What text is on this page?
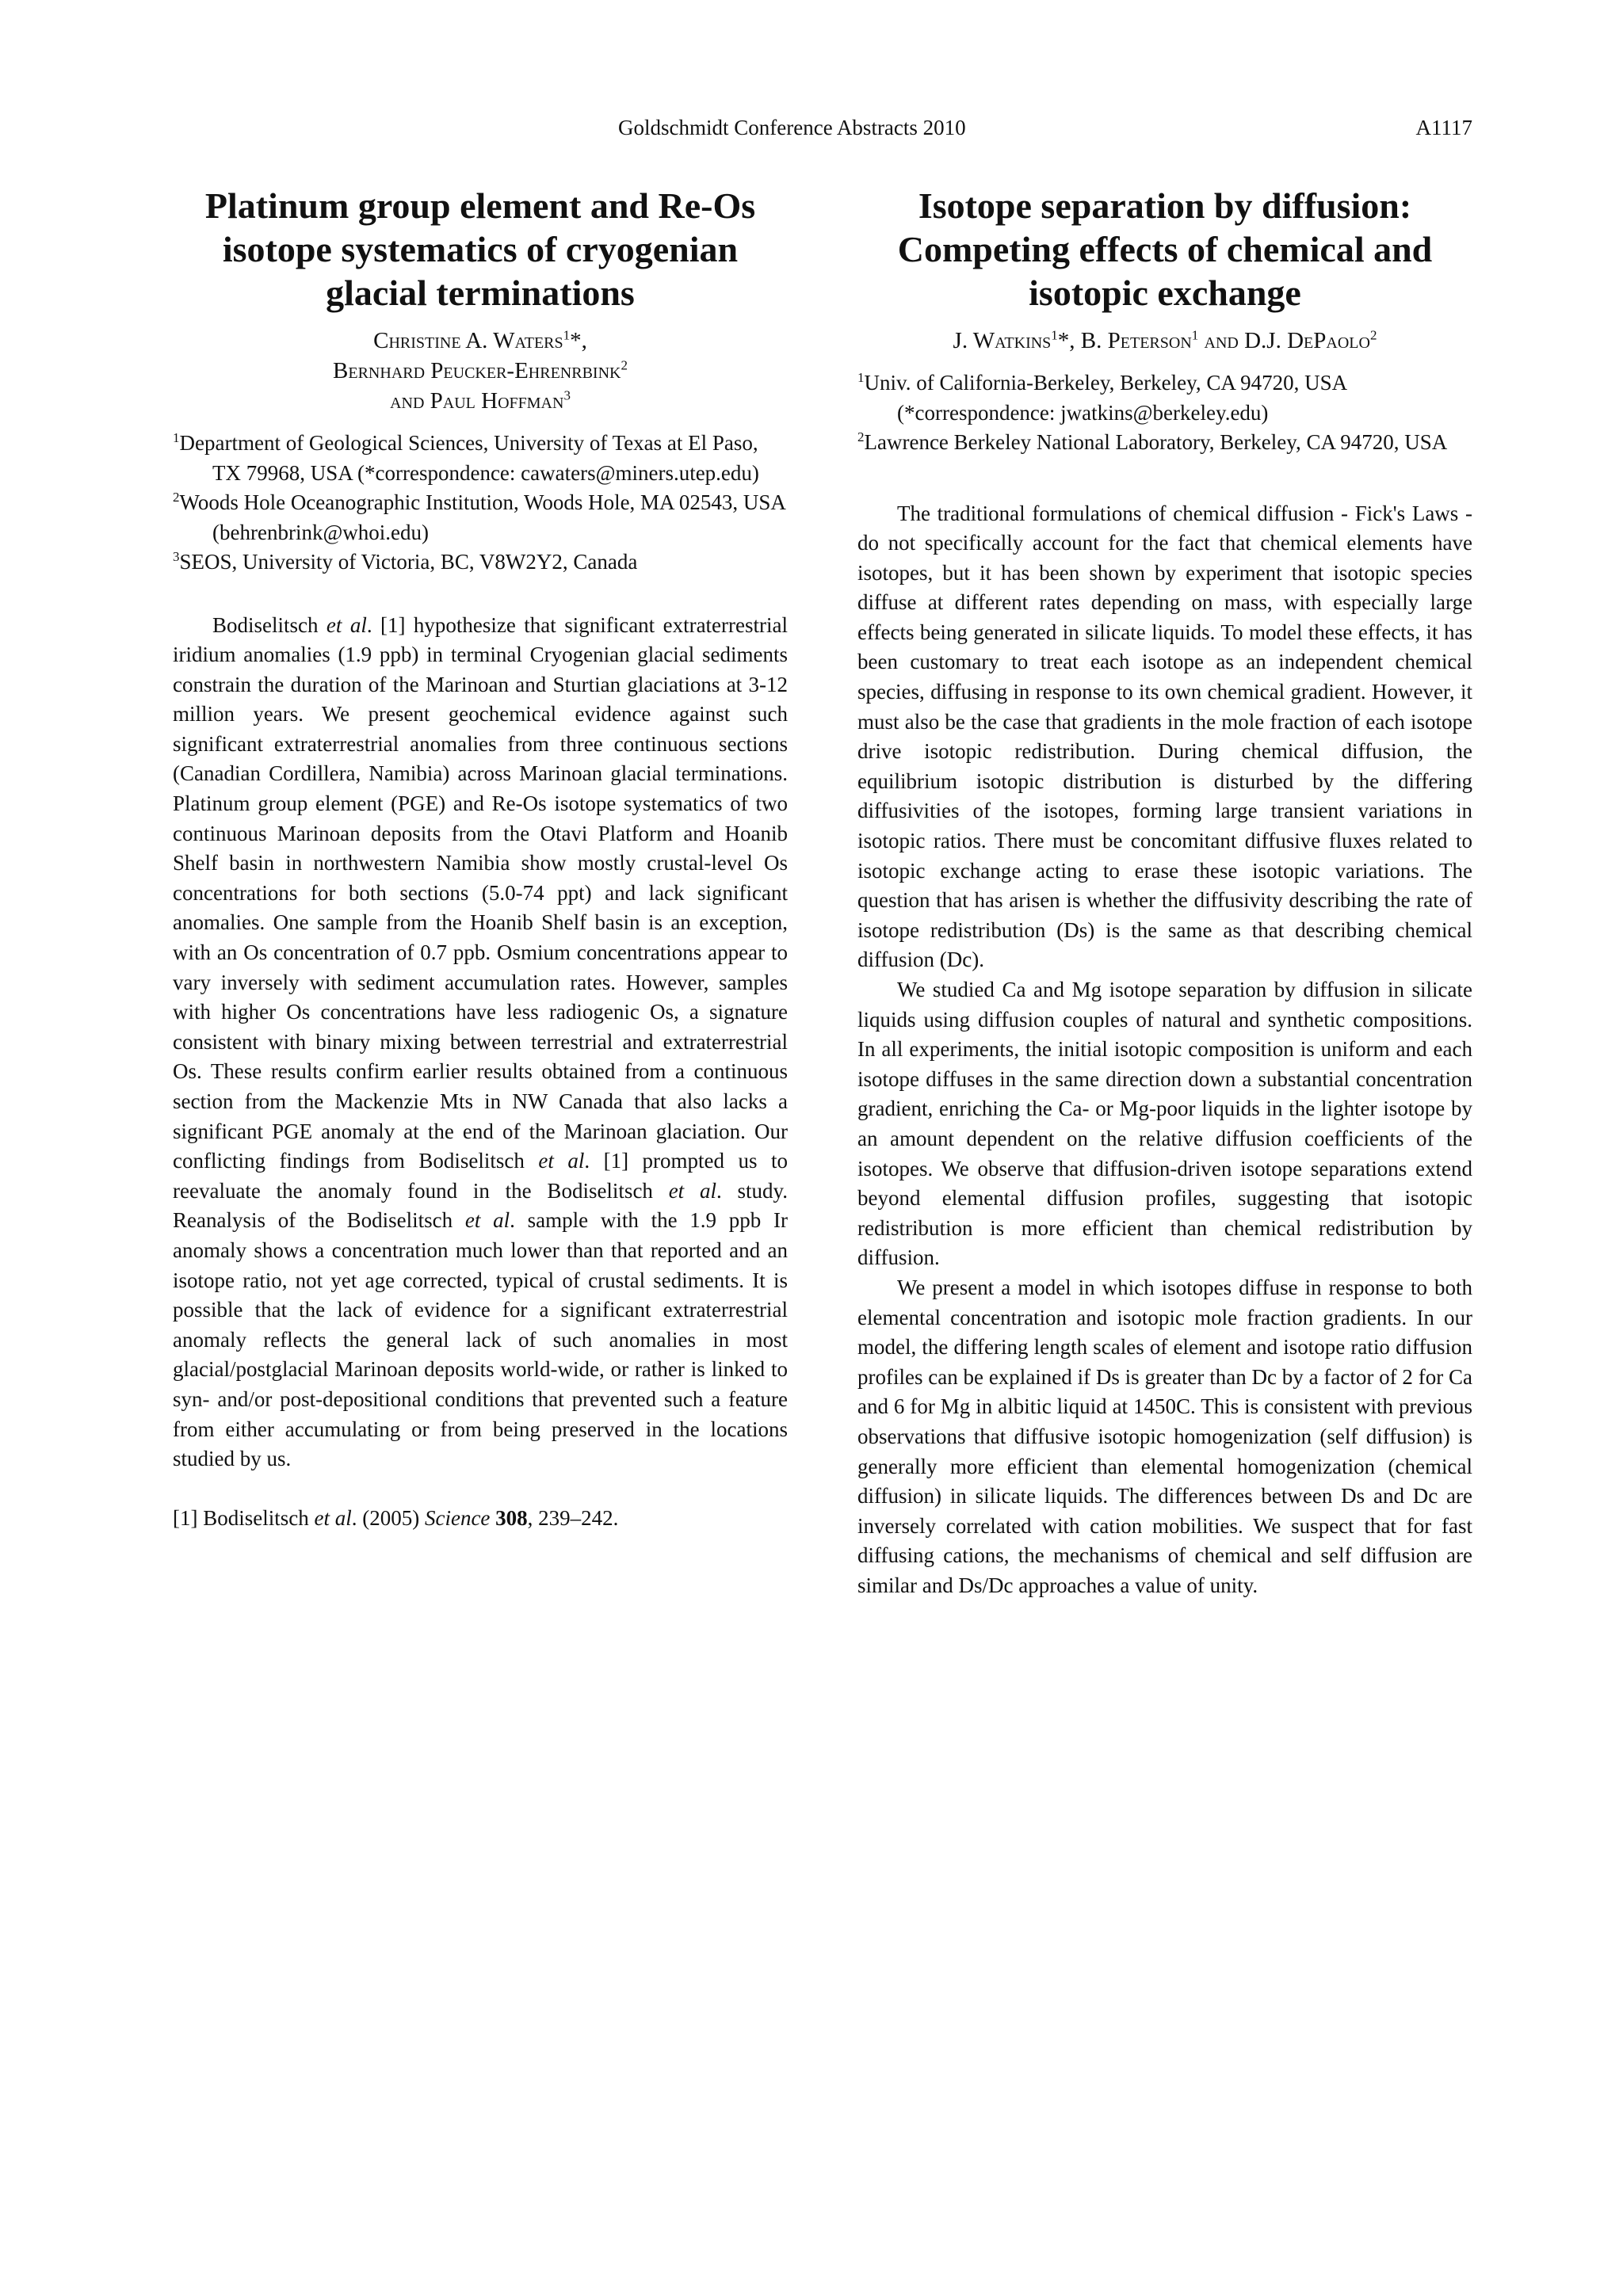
Goldschmidt Conference Abstracts 2010	A1117
Platinum group element and Re-Os isotope systematics of cryogenian glacial terminations
Christine A. Waters$^1$*,
Bernhard Peucker-Ehrenrbink$^2$
and Paul Hoffman$^3$
$^1$Department of Geological Sciences, University of Texas at El Paso, TX 79968, USA (*correspondence: cawaters@miners.utep.edu)
$^2$Woods Hole Oceanographic Institution, Woods Hole, MA 02543, USA (behrenbrink@whoi.edu)
$^3$SEOS, University of Victoria, BC, V8W2Y2, Canada

Bodiselitsch et al. [1] hypothesize that significant extraterrestrial iridium anomalies (1.9 ppb) in terminal Cryogenian glacial sediments constrain the duration of the Marinoan and Sturtian glaciations at 3-12 million years. We present geochemical evidence against such significant extraterrestrial anomalies from three continuous sections (Canadian Cordillera, Namibia) across Marinoan glacial terminations. Platinum group element (PGE) and Re-Os isotope systematics of two continuous Marinoan deposits from the Otavi Platform and Hoanib Shelf basin in northwestern Namibia show mostly crustal-level Os concentrations for both sections (5.0-74 ppt) and lack significant anomalies. One sample from the Hoanib Shelf basin is an exception, with an Os concentration of 0.7 ppb. Osmium concentrations appear to vary inversely with sediment accumulation rates. However, samples with higher Os concentrations have less radiogenic Os, a signature consistent with binary mixing between terrestrial and extraterrestrial Os. These results confirm earlier results obtained from a continuous section from the Mackenzie Mts in NW Canada that also lacks a significant PGE anomaly at the end of the Marinoan glaciation. Our conflicting findings from Bodiselitsch et al. [1] prompted us to reevaluate the anomaly found in the Bodiselitsch et al. study. Reanalysis of the Bodiselitsch et al. sample with the 1.9 ppb Ir anomaly shows a concentration much lower than that reported and an isotope ratio, not yet age corrected, typical of crustal sediments. It is possible that the lack of evidence for a significant extraterrestrial anomaly reflects the general lack of such anomalies in most glacial/postglacial Marinoan deposits world-wide, or rather is linked to syn- and/or post-depositional conditions that prevented such a feature from either accumulating or from being preserved in the locations studied by us.

[1] Bodiselitsch et al. (2005) Science 308, 239–242.
Isotope separation by diffusion: Competing effects of chemical and isotopic exchange
J. Watkins$^1$*, B. Peterson$^1$ and D.J. DePaolo$^2$
$^1$Univ. of California-Berkeley, Berkeley, CA 94720, USA (*correspondence: jwatkins@berkeley.edu)
$^2$Lawrence Berkeley National Laboratory, Berkeley, CA 94720, USA

The traditional formulations of chemical diffusion - Fick's Laws - do not specifically account for the fact that chemical elements have isotopes, but it has been shown by experiment that isotopic species diffuse at different rates depending on mass, with especially large effects being generated in silicate liquids. To model these effects, it has been customary to treat each isotope as an independent chemical species, diffusing in response to its own chemical gradient. However, it must also be the case that gradients in the mole fraction of each isotope drive isotopic redistribution. During chemical diffusion, the equilibrium isotopic distribution is disturbed by the differing diffusivities of the isotopes, forming large transient variations in isotopic ratios. There must be concomitant diffusive fluxes related to isotopic exchange acting to erase these isotopic variations. The question that has arisen is whether the diffusivity describing the rate of isotope redistribution (Ds) is the same as that describing chemical diffusion (Dc).

We studied Ca and Mg isotope separation by diffusion in silicate liquids using diffusion couples of natural and synthetic compositions. In all experiments, the initial isotopic composition is uniform and each isotope diffuses in the same direction down a substantial concentration gradient, enriching the Ca- or Mg-poor liquids in the lighter isotope by an amount dependent on the relative diffusion coefficients of the isotopes. We observe that diffusion-driven isotope separations extend beyond elemental diffusion profiles, suggesting that isotopic redistribution is more efficient than chemical redistribution by diffusion.

We present a model in which isotopes diffuse in response to both elemental concentration and isotopic mole fraction gradients. In our model, the differing length scales of element and isotope ratio diffusion profiles can be explained if Ds is greater than Dc by a factor of 2 for Ca and 6 for Mg in albitic liquid at 1450C. This is consistent with previous observations that diffusive isotopic homogenization (self diffusion) is generally more efficient than elemental homogenization (chemical diffusion) in silicate liquids. The differences between Ds and Dc are inversely correlated with cation mobilities. We suspect that for fast diffusing cations, the mechanisms of chemical and self diffusion are similar and Ds/Dc approaches a value of unity.
